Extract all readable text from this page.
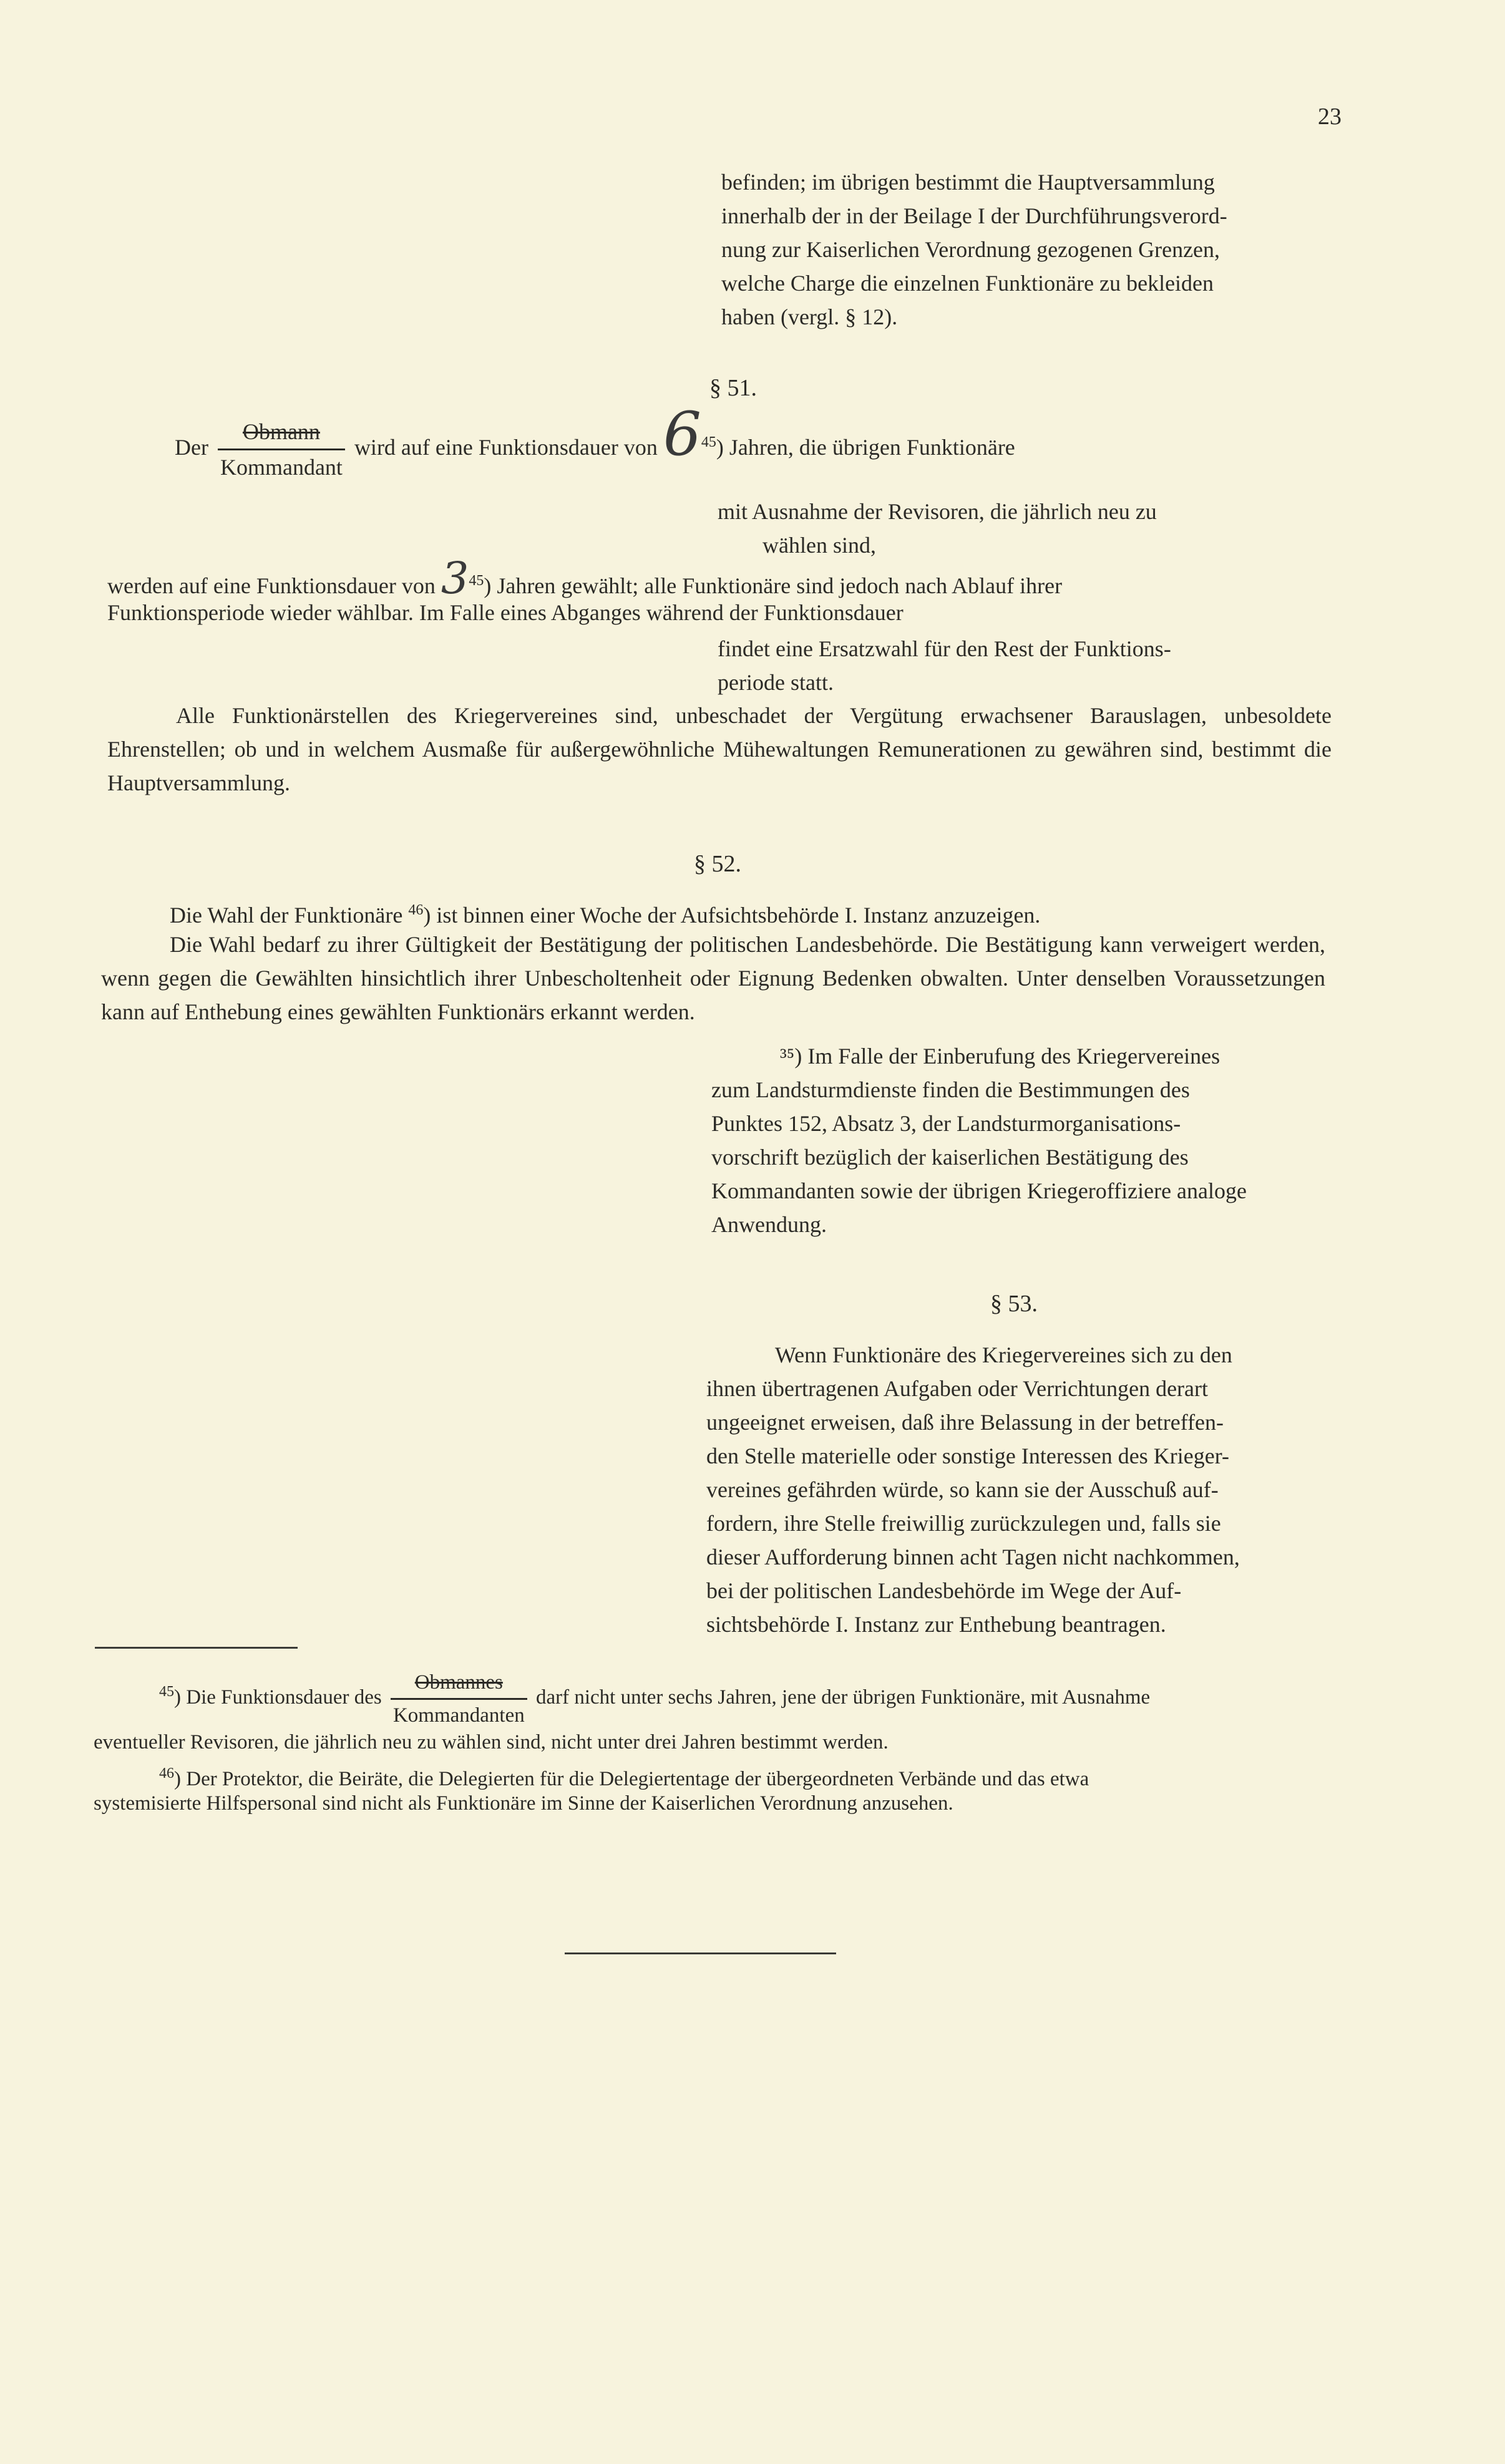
23
befinden; im übrigen bestimmt die Hauptversammlung
innerhalb der in der Beilage I der Durchführungsverord-
nung zur Kaiserlichen Verordnung gezogenen Grenzen,
welche Charge die einzelnen Funktionäre zu bekleiden
haben (vergl. § 12).
§ 51.
Der $\frac{\text{Obmann}}{\text{Kommandant}}$ wird auf eine Funktionsdauer von $6^{45}$) Jahren, die übrigen Funktionäre
mit Ausnahme der Revisoren, die jährlich neu zu
wählen sind,
werden auf eine Funktionsdauer von $3^{45}$) Jahren gewählt; alle Funktionäre sind jedoch nach Ablauf ihrer
Funktionsperiode wieder wählbar. Im Falle eines Abganges während der Funktionsdauer
findet eine Ersatzwahl für den Rest der Funktions-
periode statt.
Alle Funktionärstellen des Kriegervereines sind, unbeschadet der Vergütung erwachsener Barauslagen, unbesoldete Ehrenstellen; ob und in welchem Ausmaße für außergewöhnliche Mühewaltungen Remunerationen zu gewähren sind, bestimmt die Hauptversammlung.
§ 52.
Die Wahl der Funktionäre $^{46}$) ist binnen einer Woche der Aufsichtsbehörde I. Instanz anzuzeigen.
Die Wahl bedarf zu ihrer Gültigkeit der Bestätigung der politischen Landesbehörde. Die Bestätigung kann verweigert werden, wenn gegen die Gewählten hinsichtlich ihrer Unbescholtenheit oder Eignung Bedenken obwalten. Unter denselben Voraussetzungen kann auf Enthebung eines gewählten Funktionärs erkannt werden.
³⁵) Im Falle der Einberufung des Kriegervereines
zum Landsturmdienste finden die Bestimmungen des
Punktes 152, Absatz 3, der Landsturmorganisations-
vorschrift bezüglich der kaiserlichen Bestätigung des
Kommandanten sowie der übrigen Kriegeroffiziere analoge
Anwendung.
§ 53.
Wenn Funktionäre des Kriegervereines sich zu den
ihnen übertragenen Aufgaben oder Verrichtungen derart
ungeeignet erweisen, daß ihre Belassung in der betreffen-
den Stelle materielle oder sonstige Interessen des Krieger-
vereines gefährden würde, so kann sie der Ausschuß auf-
fordern, ihre Stelle freiwillig zurückzulegen und, falls sie
dieser Aufforderung binnen acht Tagen nicht nachkommen,
bei der politischen Landesbehörde im Wege der Auf-
sichtsbehörde I. Instanz zur Enthebung beantragen.
$^{45}$) Die Funktionsdauer des $\frac{\text{Obmannes}}{\text{Kommandanten}}$ darf nicht unter sechs Jahren, jene der übrigen Funktionäre, mit Ausnahme
eventueller Revisoren, die jährlich neu zu wählen sind, nicht unter drei Jahren bestimmt werden.
$^{46}$) Der Protektor, die Beiräte, die Delegierten für die Delegiertentage der übergeordneten Verbände und das etwa
systemisierte Hilfspersonal sind nicht als Funktionäre im Sinne der Kaiserlichen Verordnung anzusehen.
